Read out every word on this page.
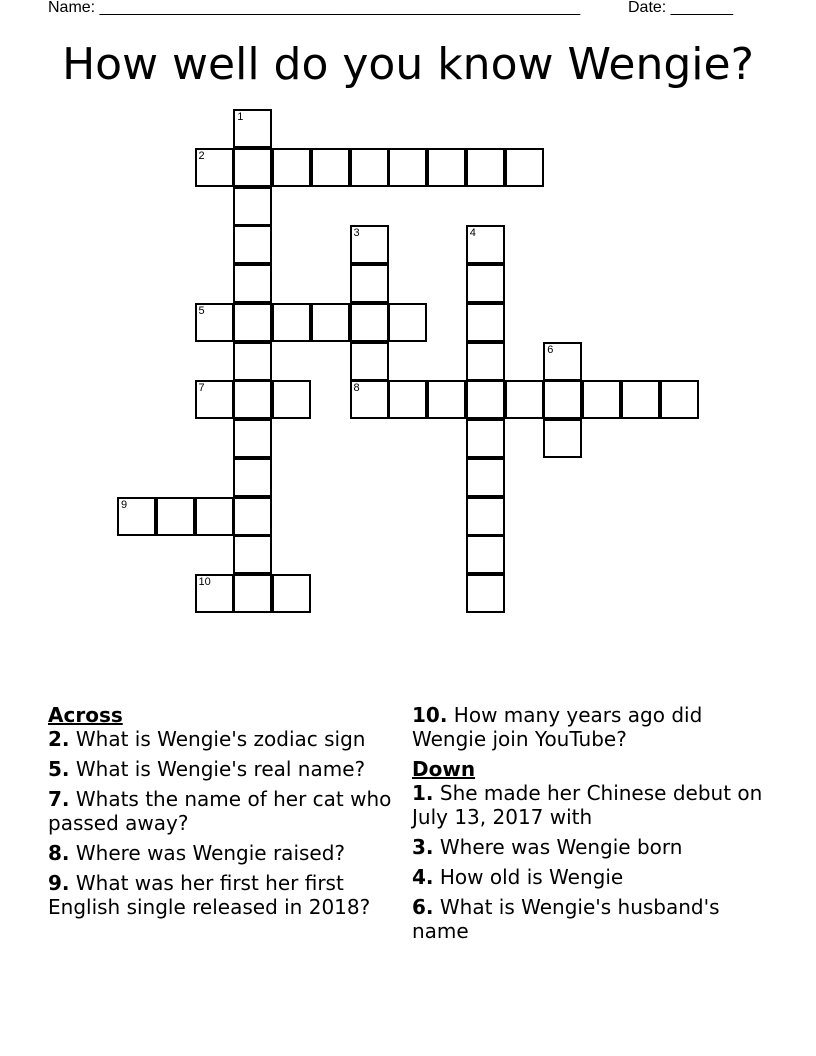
Name: ______________________________________________________	Date: _______
How well do you know Wengie?
1
2
3	4
5
6
7	8
9
10

Across

2. What is Wengie's zodiac sign

5. What is Wengie's real name?

7. Whats the name of her cat who passed away?

8. Where was Wengie raised?

9. What was her first her first English single released in 2018?

10. How many years ago did Wengie join YouTube?

Down

1. She made her Chinese debut on July 13, 2017 with

3. Where was Wengie born

4. How old is Wengie

6. What is Wengie's husband's name
